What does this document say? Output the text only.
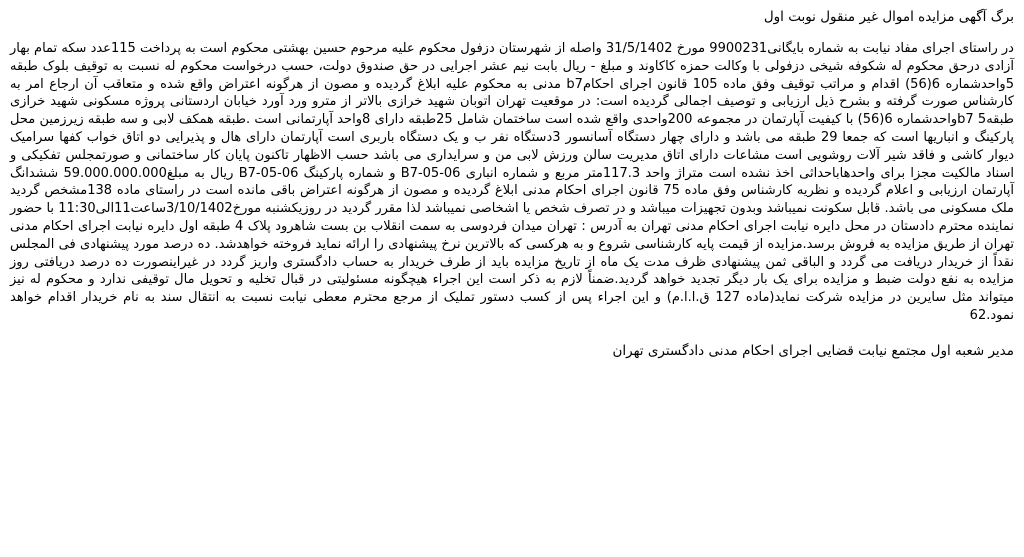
برگ آگهی مزایده اموال غیر منقول نوبت اول

در راستای اجرای مفاد نیابت به شماره بایگانی9900231 مورخ 31/5/1402 واصله از شهرستان دزفول محکوم علیه مرحوم حسین بهشتی محکوم است به پرداخت 115عدد سکه تمام بهار آزادی درحق محکوم له شکوفه شیخی دزفولی با وکالت حمزه کاکاوند و مبلغ - ریال بابت نیم عشر اجرایی در حق صندوق دولت، حسب درخواست محکوم له نسبت به توقیف بلوک طبقه 5واحدشماره 6(56) اقدام و مراتب توقیف وفق ماده 105 قانون اجرای احکامb7 مدنی به محکوم علیه ابلاغ گردیده و مصون از هرگونه اعتراض واقع شده و متعاقب آن ارجاع امر به کارشناس صورت گرفته و بشرح ذیل ارزیابی و توصیف اجمالی گردیده است: در موقعیت تهران اتوبان شهید خرازی بالاتر از مترو ورد آورد خیابان اردستانی پروژه مسکونی شهید خرازی طبقهb7 5واحدشماره 6(56) با کیفیت آپارتمان در مجموعه 200واحدی واقع شده است ساختمان شامل 25طبقه دارای 8واحد آپارتمانی است .طبقه همکف لابی و سه طبقه زیرزمین محل پارکینگ و انباریها است که جمعا 29 طبقه می باشد و دارای چهار دستگاه آسانسور 3دستگاه نفر ب و یک دستگاه باربری است آپارتمان دارای هال و پذیرایی دو اتاق خواب کفها سرامیک دیوار کاشی و فاقد شیر آلات روشویی است مشاعات دارای اتاق مدیریت سالن ورزش لابی من و سرایداری می باشد حسب الاظهار تاکنون پایان کار ساختمانی و صورتمجلس تفکیکی و اسناد مالکیت مجزا برای واحدهاباحداثی اخذ نشده است متراژ واحد 117.3متر مربع و شماره انباری B7-05-06 و شماره پارکینگ B7-05-06 ریال به مبلغ59.000.000.000 ششدانگ آپارتمان ارزیابی و اعلام گردیده و نظریه کارشناس وفق ماده 75 قانون اجرای احکام مدنی ابلاغ گردیده و مصون از هرگونه اعتراض باقی مانده است در راستای ماده 138مشخص گردید ملک مسکونی می باشد. قابل سکونت نمیباشد وبدون تجهیزات میباشد و در تصرف شخص یا اشخاصی نمیباشد لذا مقرر گردید در روزیکشنبه مورخ3/10/1402ساعت11الی11:30 با حضور نماینده محترم دادستان در محل دایره نیابت اجرای احکام مدنی تهران به آدرس : تهران میدان فردوسی به سمت انقلاب بن بست شاهرود پلاک 4 طبقه اول دایره نیابت اجرای احکام مدنی تهران از طریق مزایده به فروش برسد.مزایده از قیمت پایه کارشناسی شروع و به هرکسی که بالاترین نرخ پیشنهادی را ارائه نماید فروخته خواهدشد. ده درصد مورد پیشنهادی فی المجلس نقداً از خریدار دریافت می گردد و الباقی ثمن پیشنهادی ظرف مدت یک ماه از تاریخ مزایده باید از طرف خریدار به حساب دادگستری واریز گردد در غیراینصورت ده درصد دریافتی روز مزایده به نفع دولت ضبط و مزایده برای یک بار دیگر تجدید خواهد گردید.ضمناً لازم به ذکر است این اجراء هیچگونه مسئولیتی در قبال تخلیه و تحویل مال توقیفی ندارد و محکوم له نیز میتواند مثل سایرین در مزایده شرکت نماید(ماده 127 ق.ا.ا.م) و این اجراء پس از کسب دستور تملیک از مرجع محترم معطی نیابت نسبت به انتقال سند به نام خریدار اقدام خواهد نمود.62

مدیر شعبه اول مجتمع نیابت قضایی اجرای احکام مدنی دادگستری تهران
